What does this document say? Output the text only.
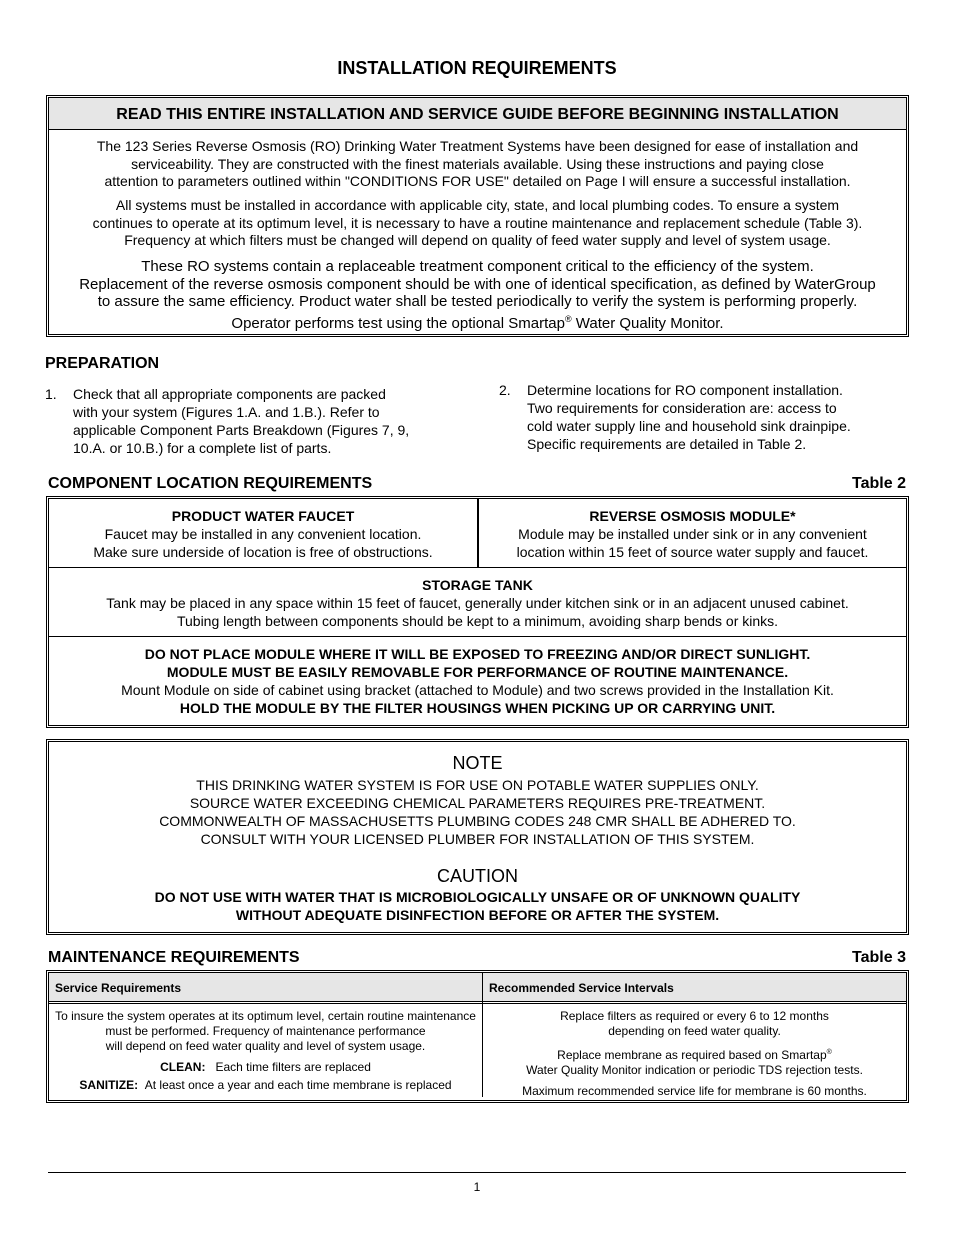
INSTALLATION REQUIREMENTS
READ THIS ENTIRE INSTALLATION AND SERVICE GUIDE BEFORE BEGINNING INSTALLATION
The 123 Series Reverse Osmosis (RO) Drinking Water Treatment Systems have been designed for ease of installation and
serviceability. They are constructed with the finest materials available. Using these instructions and paying close
attention to parameters outlined within "CONDITIONS FOR USE" detailed on Page I will ensure a successful installation.
All systems must be installed in accordance with applicable city, state, and local plumbing codes. To ensure a system
continues to operate at its optimum level, it is necessary to have a routine maintenance and replacement schedule (Table 3).
Frequency at which filters must be changed will depend on quality of feed water supply and level of system usage.
These RO systems contain a replaceable treatment component critical to the efficiency of the system.
Replacement of the reverse osmosis component should be with one of identical specification, as defined by WaterGroup
to assure the same efficiency. Product water shall be tested periodically to verify the system is performing properly.
Operator performs test using the optional Smartap® Water Quality Monitor.
PREPARATION
1. Check that all appropriate components are packed
with your system (Figures 1.A. and 1.B.). Refer to
applicable Component Parts Breakdown (Figures 7, 9,
10.A. or 10.B.) for a complete list of parts.
2. Determine locations for RO component installation.
Two requirements for consideration are: access to
cold water supply line and household sink drainpipe.
Specific requirements are detailed in Table 2.
COMPONENT LOCATION REQUIREMENTS	Table 2
PRODUCT WATER FAUCET
Faucet may be installed in any convenient location.
Make sure underside of location is free of obstructions.
REVERSE OSMOSIS MODULE*
Module may be installed under sink or in any convenient
location within 15 feet of source water supply and faucet.
STORAGE TANK
Tank may be placed in any space within 15 feet of faucet, generally under kitchen sink or in an adjacent unused cabinet.
Tubing length between components should be kept to a minimum, avoiding sharp bends or kinks.
DO NOT PLACE MODULE WHERE IT WILL BE EXPOSED TO FREEZING AND/OR DIRECT SUNLIGHT.
MODULE MUST BE EASILY REMOVABLE FOR PERFORMANCE OF ROUTINE MAINTENANCE.
Mount Module on side of cabinet using bracket (attached to Module) and two screws provided in the Installation Kit.
HOLD THE MODULE BY THE FILTER HOUSINGS WHEN PICKING UP OR CARRYING UNIT.
NOTE
THIS DRINKING WATER SYSTEM IS FOR USE ON POTABLE WATER SUPPLIES ONLY.
SOURCE WATER EXCEEDING CHEMICAL PARAMETERS REQUIRES PRE-TREATMENT.
COMMONWEALTH OF MASSACHUSETTS PLUMBING CODES 248 CMR SHALL BE ADHERED TO.
CONSULT WITH YOUR LICENSED PLUMBER FOR INSTALLATION OF THIS SYSTEM.
CAUTION
DO NOT USE WITH WATER THAT IS MICROBIOLOGICALLY UNSAFE OR OF UNKNOWN QUALITY
WITHOUT ADEQUATE DISINFECTION BEFORE OR AFTER THE SYSTEM.
MAINTENANCE REQUIREMENTS	Table 3
Service Requirements	Recommended Service Intervals
To insure the system operates at its optimum level, certain routine maintenance
must be performed. Frequency of maintenance performance
will depend on feed water quality and level of system usage.
CLEAN: Each time filters are replaced
SANITIZE: At least once a year and each time membrane is replaced
Replace filters as required or every 6 to 12 months
depending on feed water quality.
Replace membrane as required based on Smartap®
Water Quality Monitor indication or periodic TDS rejection tests.
Maximum recommended service life for membrane is 60 months.
1
